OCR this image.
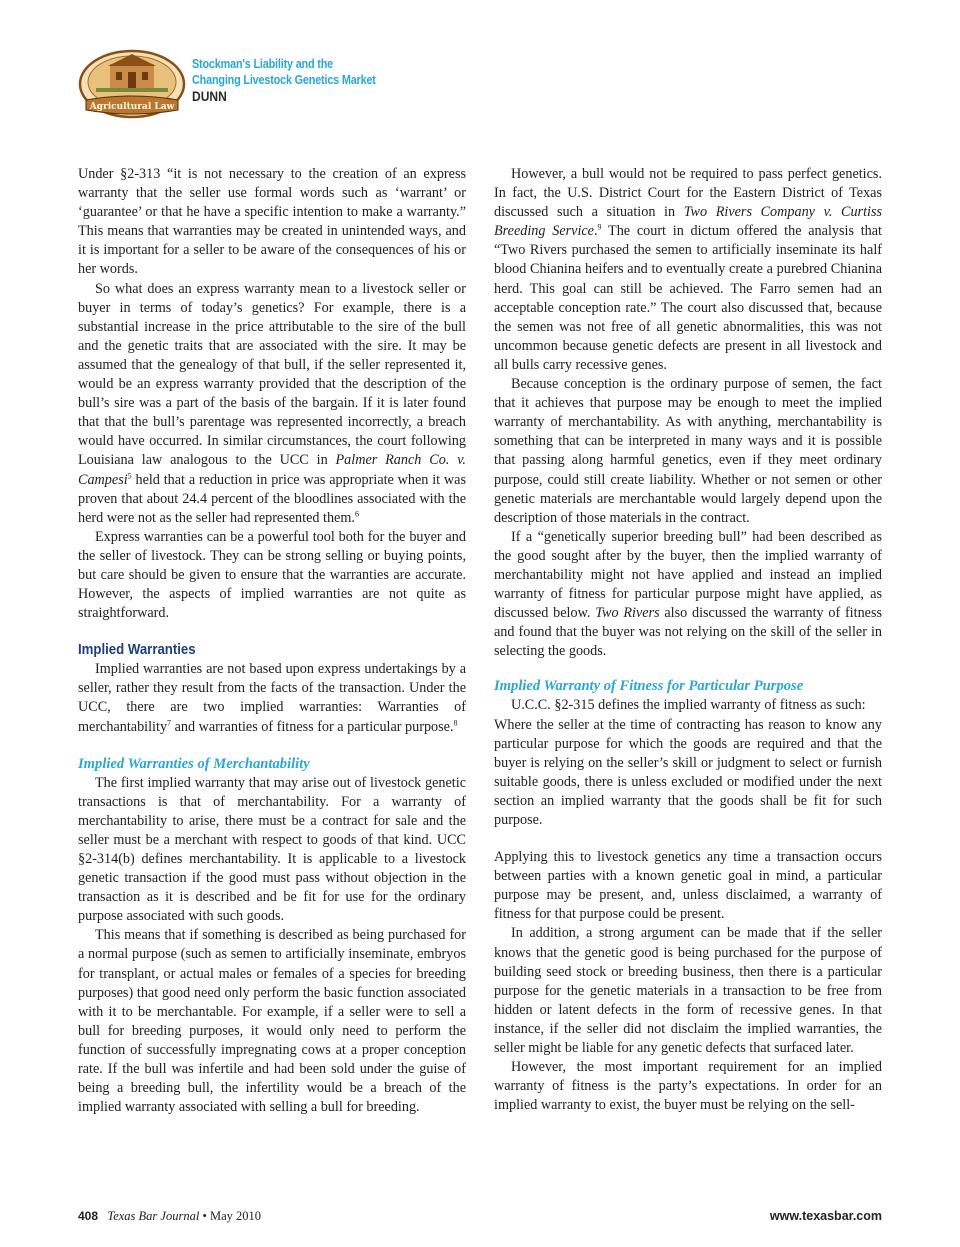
Agricultural Law
Stockman's Liability and the
Changing Livestock Genetics Market
DUNN

Under §2-313 “it is not necessary to the creation of an express warranty that the seller use formal words such as ‘warrant’ or ‘guarantee’ or that he have a specific intention to make a warranty.” This means that warranties may be created in unintended ways, and it is important for a seller to be aware of the consequences of his or her words.

So what does an express warranty mean to a livestock seller or buyer in terms of today’s genetics? For example, there is a substantial increase in the price attributable to the sire of the bull and the genetic traits that are associated with the sire. It may be assumed that the genealogy of that bull, if the seller represented it, would be an express warranty provided that the description of the bull’s sire was a part of the basis of the bargain. If it is later found that that the bull’s parentage was represented incorrectly, a breach would have occurred. In similar circumstances, the court following Louisiana law analogous to the UCC in Palmer Ranch Co. v. Campesi$^5$ held that a reduction in price was appropriate when it was proven that about 24.4 percent of the bloodlines associated with the herd were not as the seller had represented them.$^6$

Express warranties can be a powerful tool both for the buyer and the seller of livestock. They can be strong selling or buying points, but care should be given to ensure that the warranties are accurate. However, the aspects of implied warranties are not quite as straightforward.

Implied Warranties

Implied warranties are not based upon express undertakings by a seller, rather they result from the facts of the transaction. Under the UCC, there are two implied warranties: Warranties of merchantability$^7$ and warranties of fitness for a particular purpose.$^8$

Implied Warranties of Merchantability

The first implied warranty that may arise out of livestock genetic transactions is that of merchantability. For a warranty of merchantability to arise, there must be a contract for sale and the seller must be a merchant with respect to goods of that kind. UCC §2-314(b) defines merchantability. It is applicable to a livestock genetic transaction if the good must pass without objection in the transaction as it is described and be fit for use for the ordinary purpose associated with such goods.

This means that if something is described as being purchased for a normal purpose (such as semen to artificially inseminate, embryos for transplant, or actual males or females of a species for breeding purposes) that good need only perform the basic function associated with it to be merchantable. For example, if a seller were to sell a bull for breeding purposes, it would only need to perform the function of successfully impregnating cows at a proper conception rate. If the bull was infertile and had been sold under the guise of being a breeding bull, the infertility would be a breach of the implied warranty associated with selling a bull for breeding.

However, a bull would not be required to pass perfect genetics. In fact, the U.S. District Court for the Eastern District of Texas discussed such a situation in Two Rivers Company v. Curtiss Breeding Service.$^9$ The court in dictum offered the analysis that “Two Rivers purchased the semen to artificially inseminate its half blood Chianina heifers and to eventually create a purebred Chianina herd. This goal can still be achieved. The Farro semen had an acceptable conception rate.” The court also discussed that, because the semen was not free of all genetic abnormalities, this was not uncommon because genetic defects are present in all livestock and all bulls carry recessive genes.

Because conception is the ordinary purpose of semen, the fact that it achieves that purpose may be enough to meet the implied warranty of merchantability. As with anything, merchantability is something that can be interpreted in many ways and it is possible that passing along harmful genetics, even if they meet ordinary purpose, could still create liability. Whether or not semen or other genetic materials are merchantable would largely depend upon the description of those materials in the contract.

If a “genetically superior breeding bull” had been described as the good sought after by the buyer, then the implied warranty of merchantability might not have applied and instead an implied warranty of fitness for particular purpose might have applied, as discussed below. Two Rivers also discussed the warranty of fitness and found that the buyer was not relying on the skill of the seller in selecting the goods.

Implied Warranty of Fitness for Particular Purpose

U.C.C. §2-315 defines the implied warranty of fitness as such:

Where the seller at the time of contracting has reason to know any particular purpose for which the goods are required and that the buyer is relying on the seller’s skill or judgment to select or furnish suitable goods, there is unless excluded or modified under the next section an implied warranty that the goods shall be fit for such purpose.

Applying this to livestock genetics any time a transaction occurs between parties with a known genetic goal in mind, a particular purpose may be present, and, unless disclaimed, a warranty of fitness for that purpose could be present.

In addition, a strong argument can be made that if the seller knows that the genetic good is being purchased for the purpose of building seed stock or breeding business, then there is a particular purpose for the genetic materials in a transaction to be free from hidden or latent defects in the form of recessive genes. In that instance, if the seller did not disclaim the implied warranties, the seller might be liable for any genetic defects that surfaced later.

However, the most important requirement for an implied warranty of fitness is the party’s expectations. In order for an implied warranty to exist, the buyer must be relying on the sell-

408 Texas Bar Journal • May 2010	www.texasbar.com
